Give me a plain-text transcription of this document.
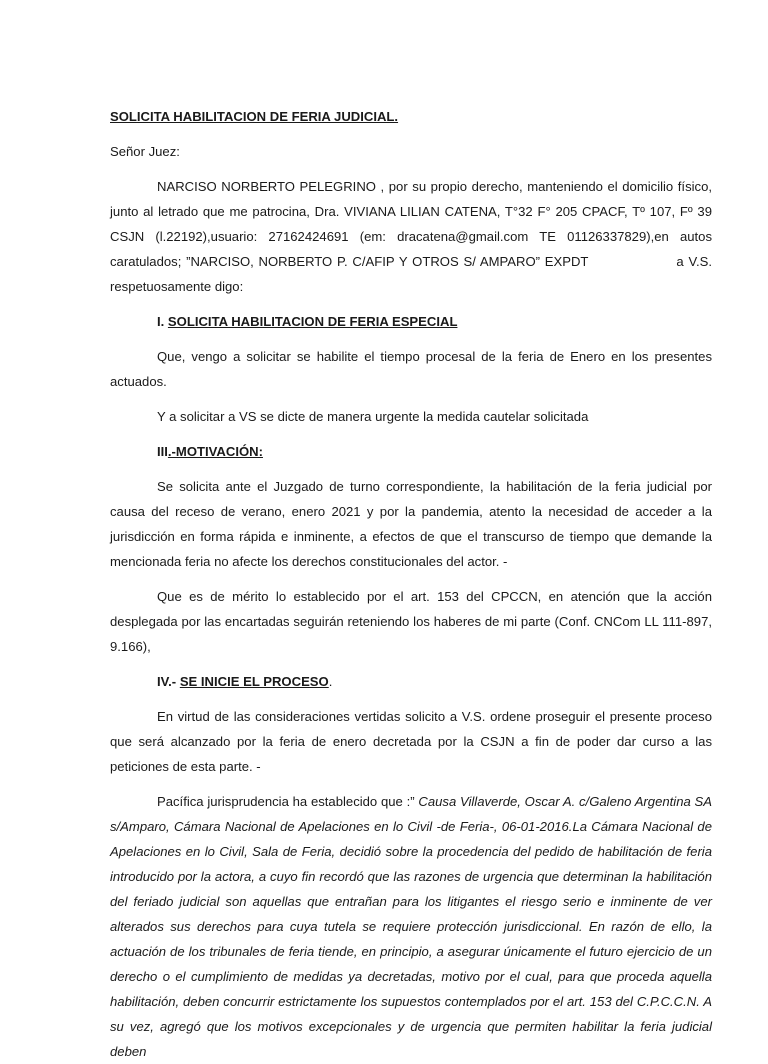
SOLICITA HABILITACION DE FERIA JUDICIAL.

Señor Juez:

NARCISO NORBERTO PELEGRINO , por su propio derecho, manteniendo el domicilio físico, junto al letrado que me patrocina, Dra. VIVIANA LILIAN CATENA, T°32 F° 205 CPACF, Tº 107, Fº 39 CSJN (l.22192),usuario: 27162424691 (em: dracatena@gmail.com TE 01126337829),en autos caratulados; ”NARCISO, NORBERTO P. C/AFIP Y OTROS S/ AMPARO” EXPDT	a V.S. respetuosamente digo:

I. SOLICITA HABILITACION DE FERIA ESPECIAL

Que, vengo a solicitar se habilite el tiempo procesal de la feria de Enero en los presentes actuados.

Y a solicitar a VS se dicte de manera urgente la medida cautelar solicitada

III.-MOTIVACIÓN:

Se solicita ante el Juzgado de turno correspondiente, la habilitación de la feria judicial por causa del receso de verano, enero 2021 y por la pandemia, atento la necesidad de acceder a la jurisdicción en forma rápida e inminente, a efectos de que el transcurso de tiempo que demande la mencionada feria no afecte los derechos constitucionales del actor. -

Que es de mérito lo establecido por el art. 153 del CPCCN, en atención que la acción desplegada por las encartadas seguirán reteniendo los haberes de mi parte (Conf. CNCom LL 111-897, 9.166),

IV.- SE INICIE EL PROCESO.

En virtud de las consideraciones vertidas solicito a V.S. ordene proseguir el presente proceso que será alcanzado por la feria de enero decretada por la CSJN a fin de poder dar curso a las peticiones de esta parte. -

Pacífica jurisprudencia ha establecido que :” Causa Villaverde, Oscar A. c/Galeno Argentina SA s/Amparo, Cámara Nacional de Apelaciones en lo Civil -de Feria-, 06-01-2016.La Cámara Nacional de Apelaciones en lo Civil, Sala de Feria, decidió sobre la procedencia del pedido de habilitación de feria introducido por la actora, a cuyo fin recordó que las razones de urgencia que determinan la habilitación del feriado judicial son aquellas que entrañan para los litigantes el riesgo serio e inminente de ver alterados sus derechos para cuya tutela se requiere protección jurisdiccional. En razón de ello, la actuación de los tribunales de feria tiende, en principio, a asegurar únicamente el futuro ejercicio de un derecho o el cumplimiento de medidas ya decretadas, motivo por el cual, para que proceda aquella habilitación, deben concurrir estrictamente los supuestos contemplados por el art. 153 del C.P.C.C.N. A su vez, agregó que los motivos excepcionales y de urgencia que permiten habilitar la feria judicial deben
